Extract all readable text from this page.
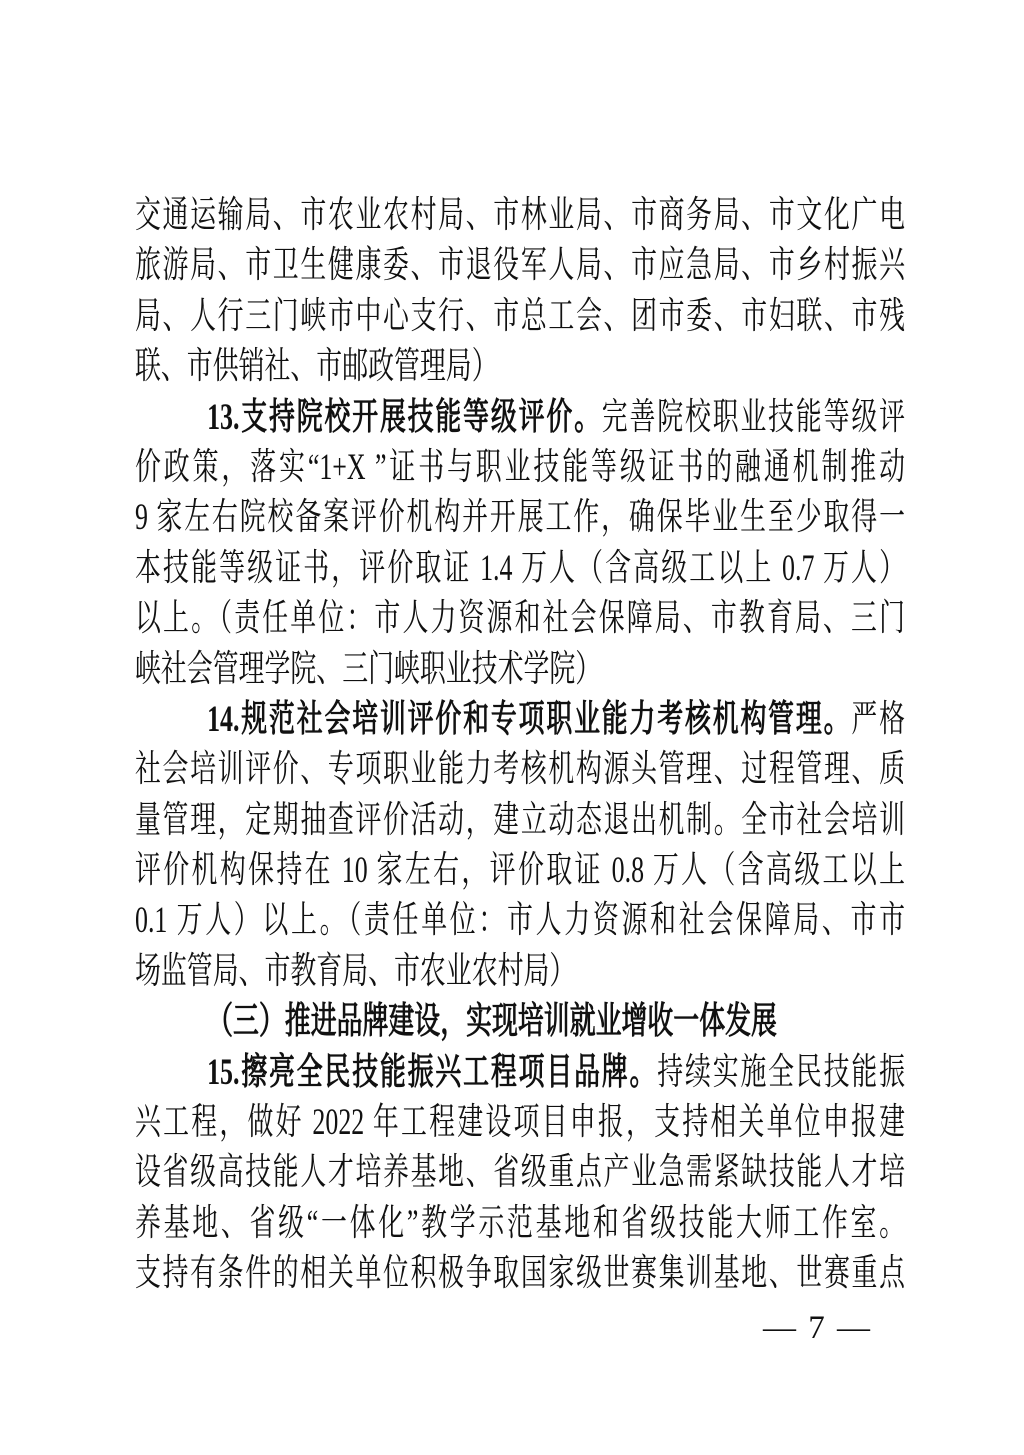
交通运输局、市农业农村局、市林业局、市商务局、市文化广电
旅游局、市卫生健康委、市退役军人局、市应急局、市乡村振兴
局、人行三门峡市中心支行、市总工会、团市委、市妇联、市残
联、市供销社、市邮政管理局）
13.支持院校开展技能等级评价。完善院校职业技能等级评
价政策，落实“1+X ”证书与职业技能等级证书的融通机制推动
9 家左右院校备案评价机构并开展工作，确保毕业生至少取得一
本技能等级证书，评价取证 1.4 万人（含高级工以上 0.7 万人）
以上。（责任单位：市人力资源和社会保障局、市教育局、三门
峡社会管理学院、三门峡职业技术学院）
14.规范社会培训评价和专项职业能力考核机构管理。严格
社会培训评价、专项职业能力考核机构源头管理、过程管理、质
量管理，定期抽查评价活动，建立动态退出机制。全市社会培训
评价机构保持在 10 家左右，评价取证 0.8 万人（含高级工以上
0.1 万人）以上。（责任单位：市人力资源和社会保障局、市市
场监管局、市教育局、市农业农村局）
（三）推进品牌建设，实现培训就业增收一体发展
15.擦亮全民技能振兴工程项目品牌。持续实施全民技能振
兴工程，做好 2022 年工程建设项目申报，支持相关单位申报建
设省级高技能人才培养基地、省级重点产业急需紧缺技能人才培
养基地、省级“一体化”教学示范基地和省级技能大师工作室。
支持有条件的相关单位积极争取国家级世赛集训基地、世赛重点
— 7 —
